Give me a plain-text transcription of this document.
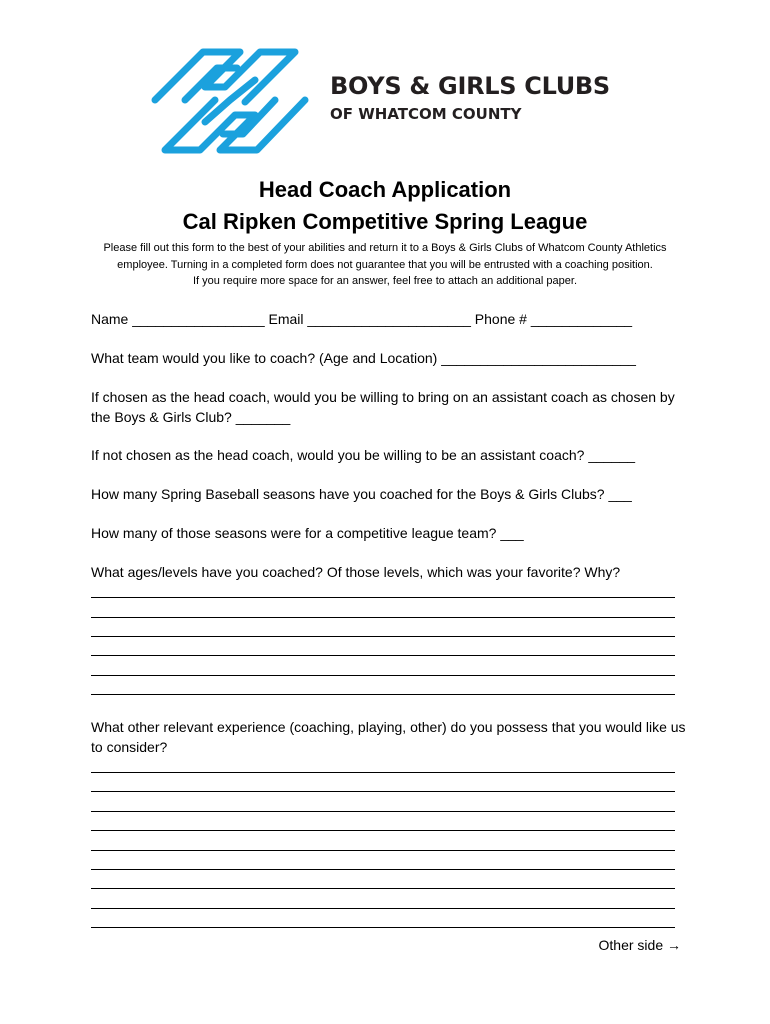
BOYS & GIRLS CLUBS
OF WHATCOM COUNTY
Head Coach Application
Cal Ripken Competitive Spring League
Please fill out this form to the best of your abilities and return it to a Boys & Girls Clubs of Whatcom County Athletics
employee. Turning in a completed form does not guarantee that you will be entrusted with a coaching position.
If you require more space for an answer, feel free to attach an additional paper.
Name _________________ Email _____________________ Phone # _____________
What team would you like to coach? (Age and Location) _________________________
If chosen as the head coach, would you be willing to bring on an assistant coach as chosen by
the Boys & Girls Club? _______
If not chosen as the head coach, would you be willing to be an assistant coach? ______
How many Spring Baseball seasons have you coached for the Boys & Girls Clubs? ___
How many of those seasons were for a competitive league team? ___
What ages/levels have you coached? Of those levels, which was your favorite? Why?
What other relevant experience (coaching, playing, other) do you possess that you would like us
to consider?
Other side →
